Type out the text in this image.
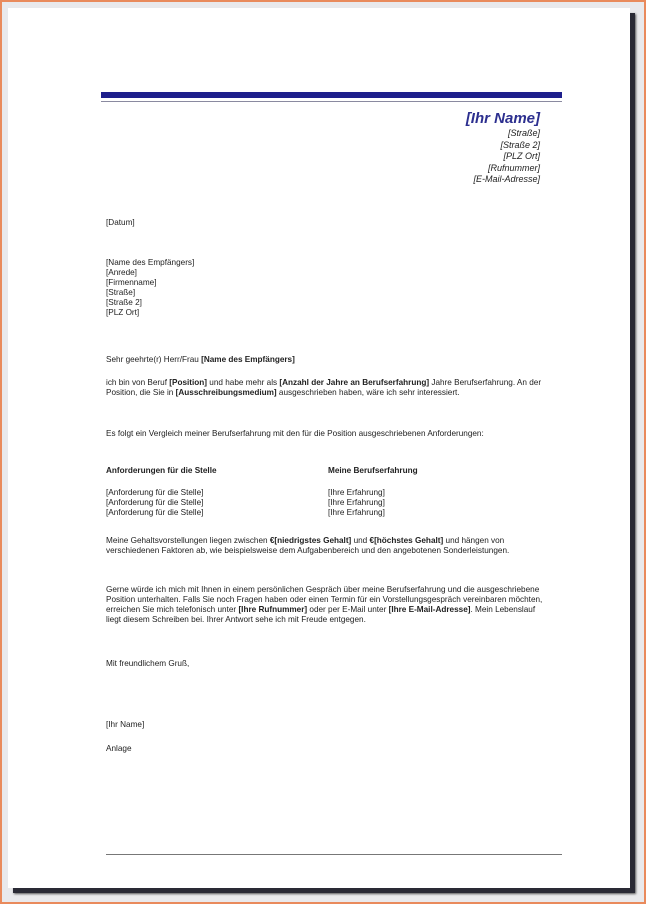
[Ihr Name]
[Straße]
[Straße 2]
[PLZ Ort]
[Rufnummer]
[E-Mail-Adresse]
[Datum]
[Name des Empfängers]
[Anrede]
[Firmenname]
[Straße]
[Straße 2]
[PLZ Ort]
Sehr geehrte(r) Herr/Frau [Name des Empfängers]
ich bin von Beruf [Position] und habe mehr als [Anzahl der Jahre an Berufserfahrung] Jahre Berufserfahrung. An der Position, die Sie in [Ausschreibungsmedium] ausgeschrieben haben, wäre ich sehr interessiert.
Es folgt ein Vergleich meiner Berufserfahrung mit den für die Position ausgeschriebenen Anforderungen:
Anforderungen für die Stelle	Meine Berufserfahrung
[Anforderung für die Stelle]	[Ihre Erfahrung]
[Anforderung für die Stelle]	[Ihre Erfahrung]
[Anforderung für die Stelle]	[Ihre Erfahrung]
Meine Gehaltsvorstellungen liegen zwischen €[niedrigstes Gehalt] und €[höchstes Gehalt] und hängen von verschiedenen Faktoren ab, wie beispielsweise dem Aufgabenbereich und den angebotenen Sonderleistungen.
Gerne würde ich mich mit Ihnen in einem persönlichen Gespräch über meine Berufserfahrung und die ausgeschriebene Position unterhalten. Falls Sie noch Fragen haben oder einen Termin für ein Vorstellungsgespräch vereinbaren möchten, erreichen Sie mich telefonisch unter [Ihre Rufnummer] oder per E-Mail unter [Ihre E-Mail-Adresse]. Mein Lebenslauf liegt diesem Schreiben bei. Ihrer Antwort sehe ich mit Freude entgegen.
Mit freundlichem Gruß,
[Ihr Name]
Anlage
